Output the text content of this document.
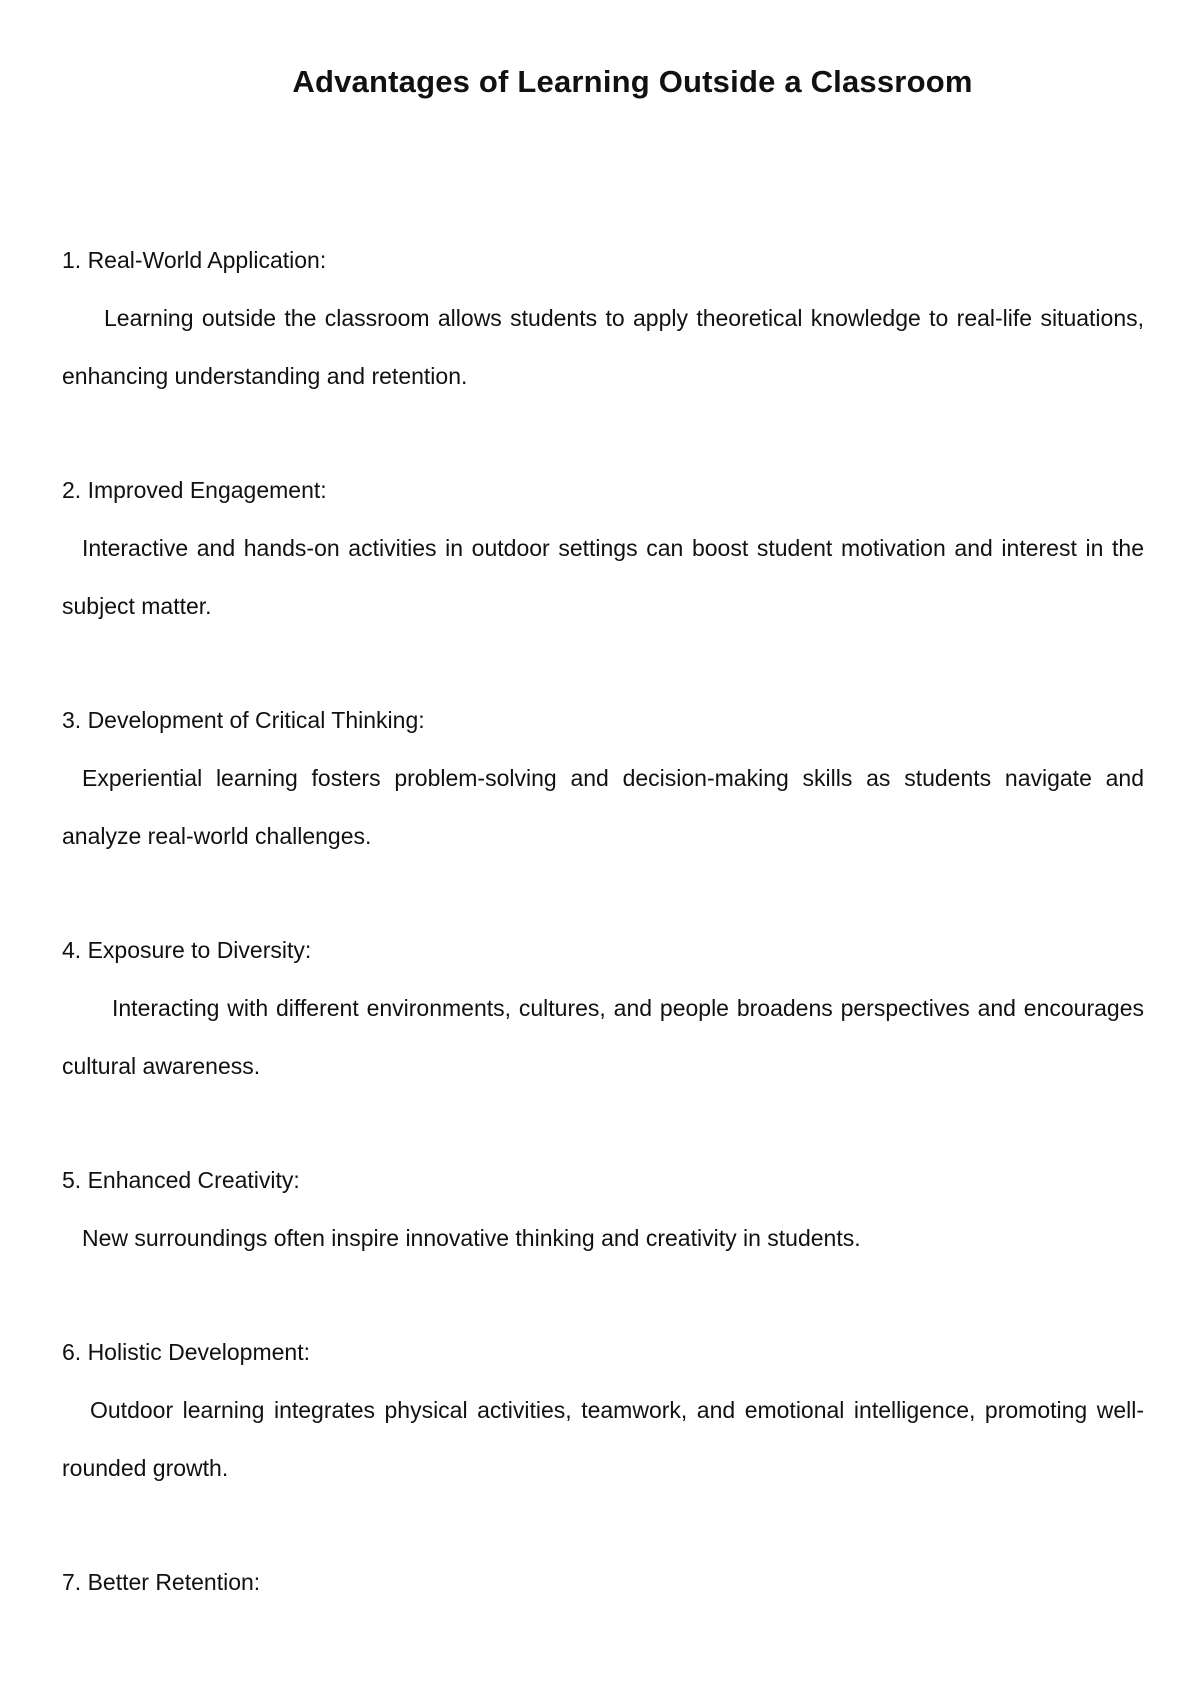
Advantages of Learning Outside a Classroom

1. Real-World Application:

Learning outside the classroom allows students to apply theoretical knowledge to real-life situations, enhancing understanding and retention.

2. Improved Engagement:

Interactive and hands-on activities in outdoor settings can boost student motivation and interest in the subject matter.

3. Development of Critical Thinking:

Experiential learning fosters problem-solving and decision-making skills as students navigate and analyze real-world challenges.

4. Exposure to Diversity:

Interacting with different environments, cultures, and people broadens perspectives and encourages cultural awareness.

5. Enhanced Creativity:

New surroundings often inspire innovative thinking and creativity in students.

6. Holistic Development:

Outdoor learning integrates physical activities, teamwork, and emotional intelligence, promoting well-rounded growth.

7. Better Retention:
